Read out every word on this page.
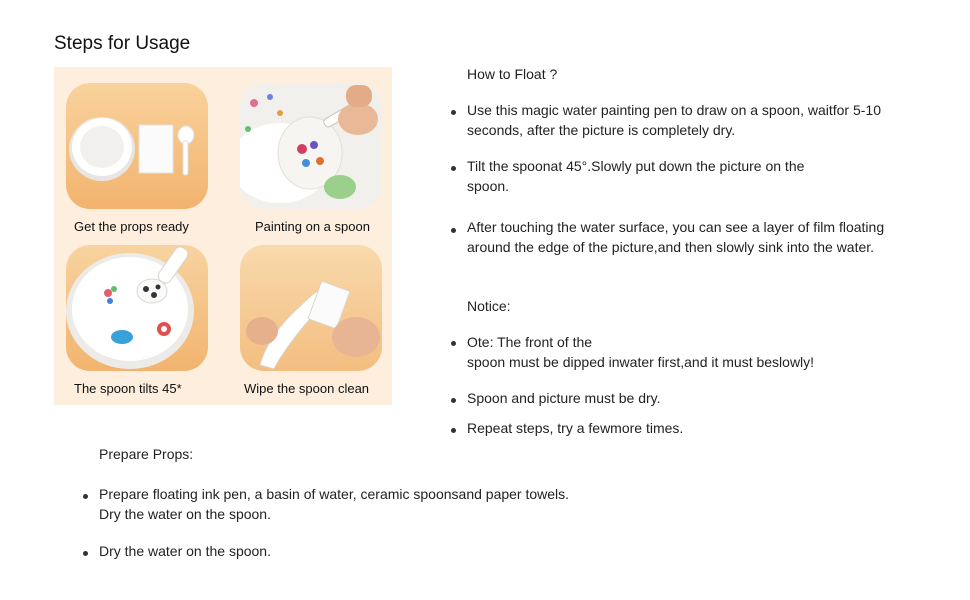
Steps for Usage
Get the props ready	Painting on a spoon
The spoon tilts 45*	Wipe the spoon clean
How to Float ?
Use this magic water painting pen to draw on a spoon, waitfor 5-10
seconds, after the picture is completely dry.
Tilt the spoonat 45°.Slowly put down the picture on the
spoon.
After touching the water surface, you can see a layer of film floating
around the edge of the picture,and then slowly sink into the water.
Notice:
Ote: The front of the
spoon must be dipped inwater first,and it must beslowly!
Spoon and picture must be dry.
Repeat steps, try a fewmore times.
Prepare Props:
Prepare floating ink pen, a basin of water, ceramic spoonsand paper towels.
Dry the water on the spoon.
Dry the water on the spoon.
